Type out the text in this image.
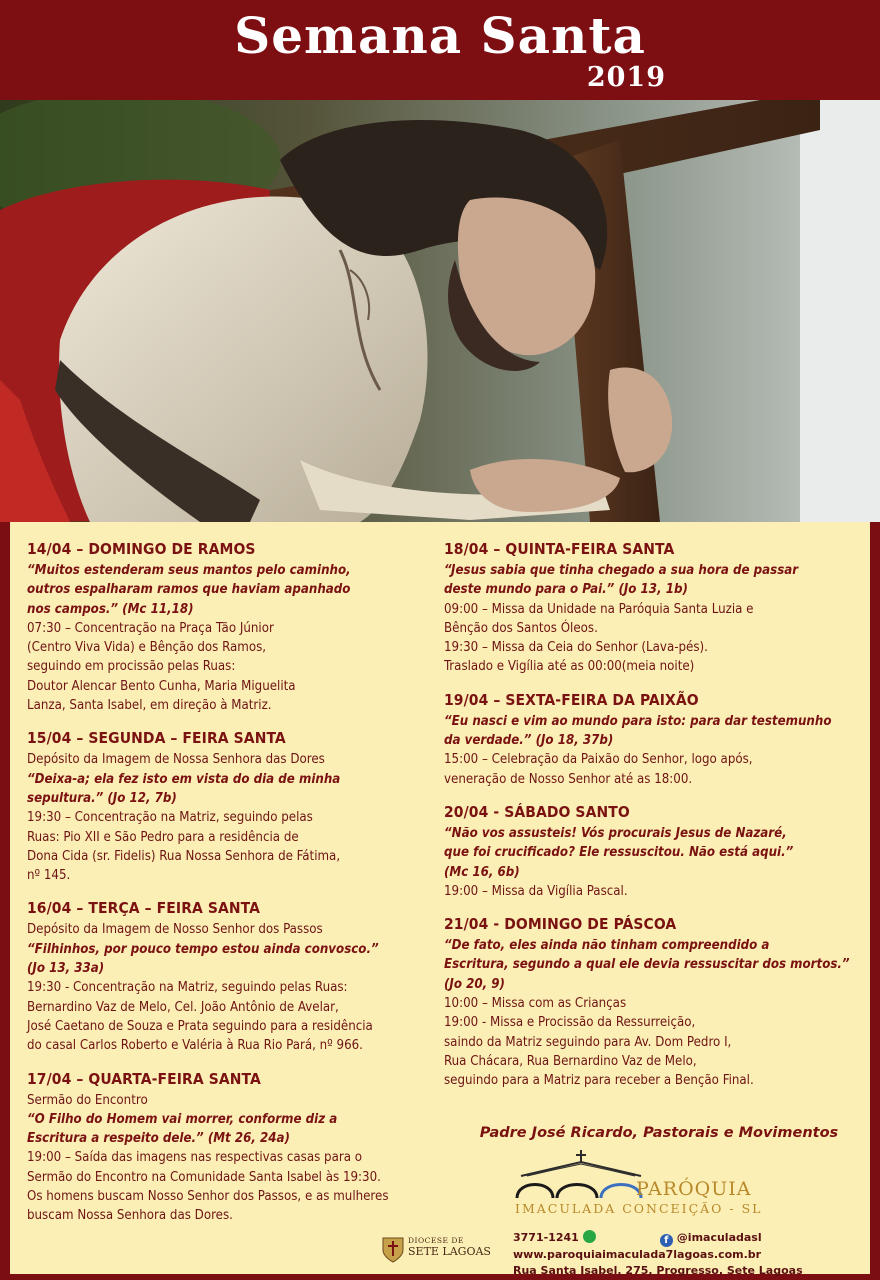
Semana Santa
2019
14/04 – DOMINGO DE RAMOS

“Muitos estenderam seus mantos pelo caminho,
outros espalharam ramos que haviam apanhado
nos campos.” (Mc 11,18)

07:30 – Concentração na Praça Tão Júnior
(Centro Viva Vida) e Bênção dos Ramos,
seguindo em procissão pelas Ruas:
Doutor Alencar Bento Cunha, Maria Miguelita
Lanza, Santa Isabel, em direção à Matriz.

15/04 – SEGUNDA – FEIRA SANTA

Depósito da Imagem de Nossa Senhora das Dores

“Deixa-a; ela fez isto em vista do dia de minha
sepultura.” (Jo 12, 7b)

19:30 – Concentração na Matriz, seguindo pelas
Ruas: Pio XII e São Pedro para a residência de
Dona Cida (sr. Fidelis) Rua Nossa Senhora de Fátima,
nº 145.

16/04 – TERÇA – FEIRA SANTA

Depósito da Imagem de Nosso Senhor dos Passos

“Filhinhos, por pouco tempo estou ainda convosco.”
(Jo 13, 33a)

19:30 - Concentração na Matriz, seguindo pelas Ruas:
Bernardino Vaz de Melo, Cel. João Antônio de Avelar,
José Caetano de Souza e Prata seguindo para a residência
do casal Carlos Roberto e Valéria à Rua Rio Pará, nº 966.

17/04 – QUARTA-FEIRA SANTA

Sermão do Encontro

“O Filho do Homem vai morrer, conforme diz a
Escritura a respeito dele.” (Mt 26, 24a)

19:00 – Saída das imagens nas respectivas casas para o
Sermão do Encontro na Comunidade Santa Isabel às 19:30.
Os homens buscam Nosso Senhor dos Passos, e as mulheres
buscam Nossa Senhora das Dores.

18/04 – QUINTA-FEIRA SANTA

“Jesus sabia que tinha chegado a sua hora de passar
deste mundo para o Pai.” (Jo 13, 1b)

09:00 – Missa da Unidade na Paróquia Santa Luzia e
Bênção dos Santos Óleos.
19:30 – Missa da Ceia do Senhor (Lava-pés).
Traslado e Vigília até as 00:00(meia noite)

19/04 – SEXTA-FEIRA DA PAIXÃO

“Eu nasci e vim ao mundo para isto: para dar testemunho
da verdade.” (Jo 18, 37b)

15:00 – Celebração da Paixão do Senhor, logo após,
veneração de Nosso Senhor até as 18:00.

20/04 - SÁBADO SANTO

“Não vos assusteis! Vós procurais Jesus de Nazaré,
que foi crucificado? Ele ressuscitou. Não está aqui.”
(Mc 16, 6b)

19:00 – Missa da Vigília Pascal.

21/04 - DOMINGO DE PÁSCOA

“De fato, eles ainda não tinham compreendido a
Escritura, segundo a qual ele devia ressuscitar dos mortos.”
(Jo 20, 9)

10:00 – Missa com as Crianças
19:00 - Missa e Procissão da Ressurreição,
saindo da Matriz seguindo para Av. Dom Pedro I,
Rua Chácara, Rua Bernardino Vaz de Melo,
seguindo para a Matriz para receber a Benção Final.

Padre José Ricardo, Pastorais e Movimentos
PARÓQUIA
IMACULADA CONCEIÇÃO - SL
DIOCESE DE
SETE LAGOAS
3771-1241	f @imaculadasl
www.paroquiaimaculada7lagoas.com.br
Rua Santa Isabel, 275, Progresso, Sete Lagoas
